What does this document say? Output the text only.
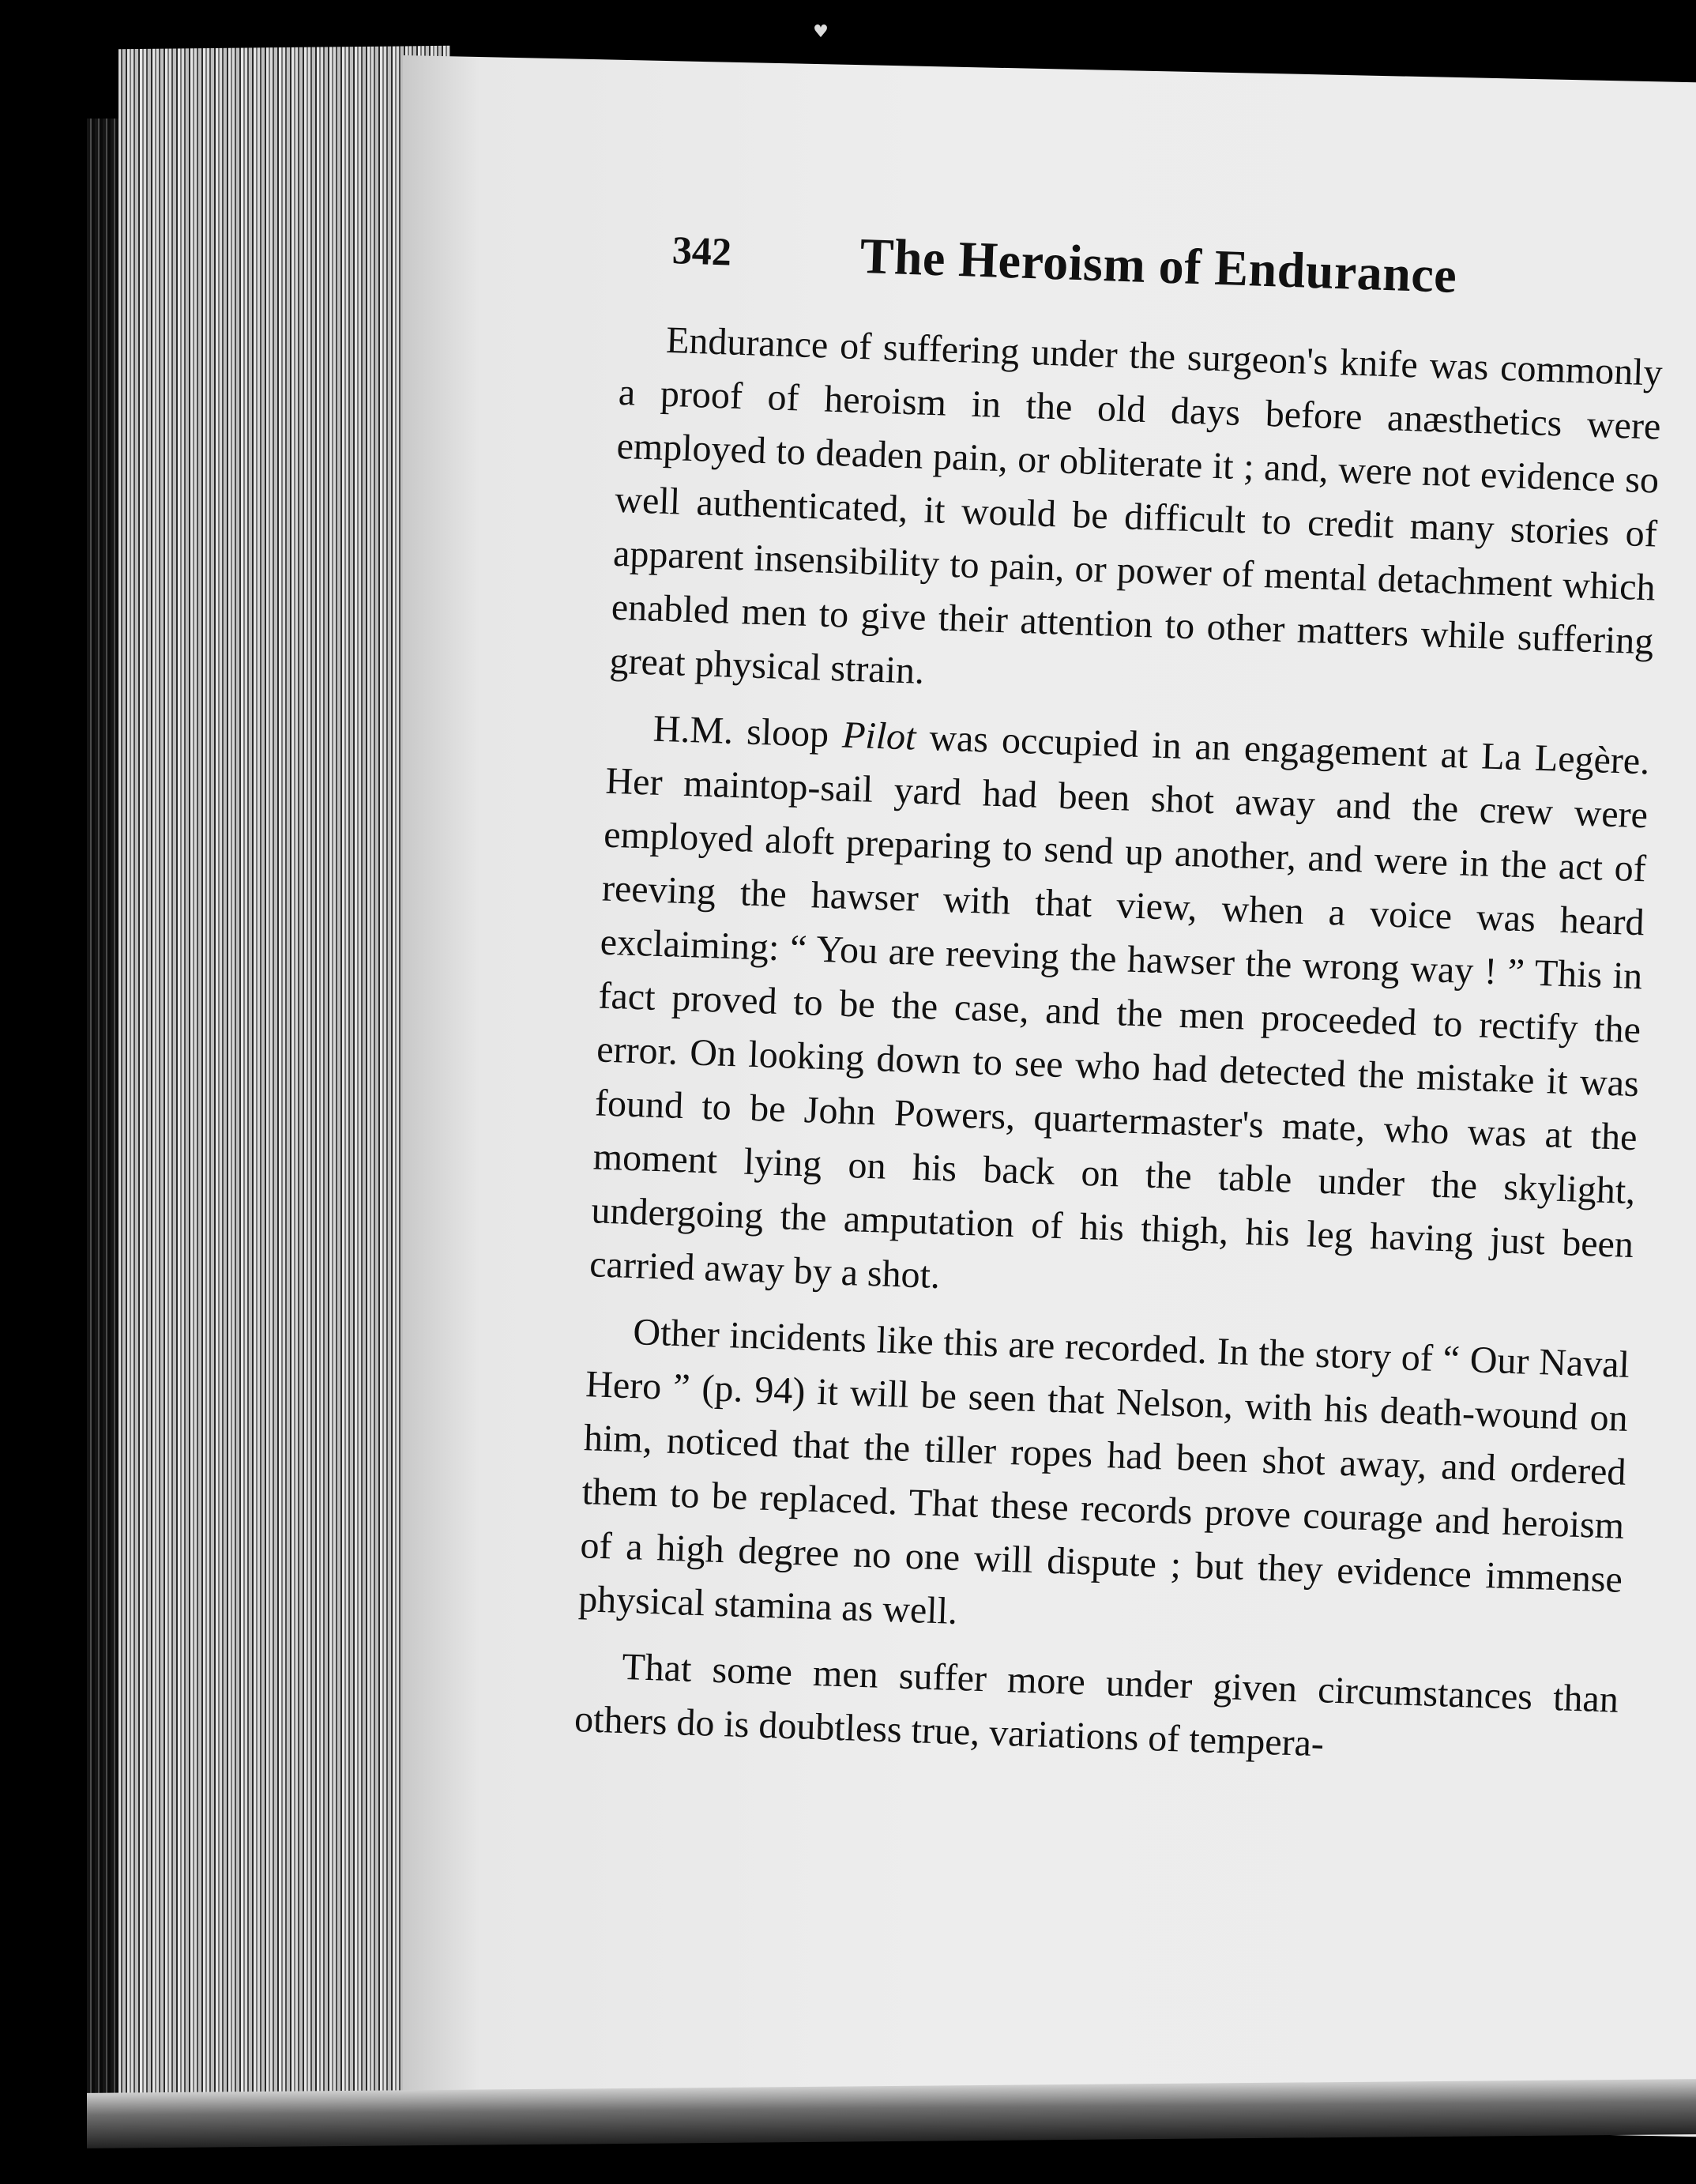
♥
342	The Heroism of Endurance

Endurance of suffering under the surgeon's knife was commonly a proof of heroism in the old days before anæsthetics were employed to deaden pain, or obliterate it ; and, were not evidence so well authenticated, it would be difficult to credit many stories of apparent insensibility to pain, or power of mental detachment which enabled men to give their attention to other matters while suffering great physical strain.

H.M. sloop Pilot was occupied in an engagement at La Legère. Her maintop-sail yard had been shot away and the crew were employed aloft preparing to send up another, and were in the act of reeving the hawser with that view, when a voice was heard exclaiming: “ You are reeving the hawser the wrong way ! ” This in fact proved to be the case, and the men proceeded to rectify the error. On looking down to see who had detected the mistake it was found to be John Powers, quartermaster's mate, who was at the moment lying on his back on the table under the skylight, undergoing the amputation of his thigh, his leg having just been carried away by a shot.

Other incidents like this are recorded. In the story of “ Our Naval Hero ” (p. 94) it will be seen that Nelson, with his death-wound on him, noticed that the tiller ropes had been shot away, and ordered them to be replaced. That these records prove courage and heroism of a high degree no one will dispute ; but they evidence immense physical stamina as well.

That some men suffer more under given circumstances than others do is doubtless true, variations of tempera-
